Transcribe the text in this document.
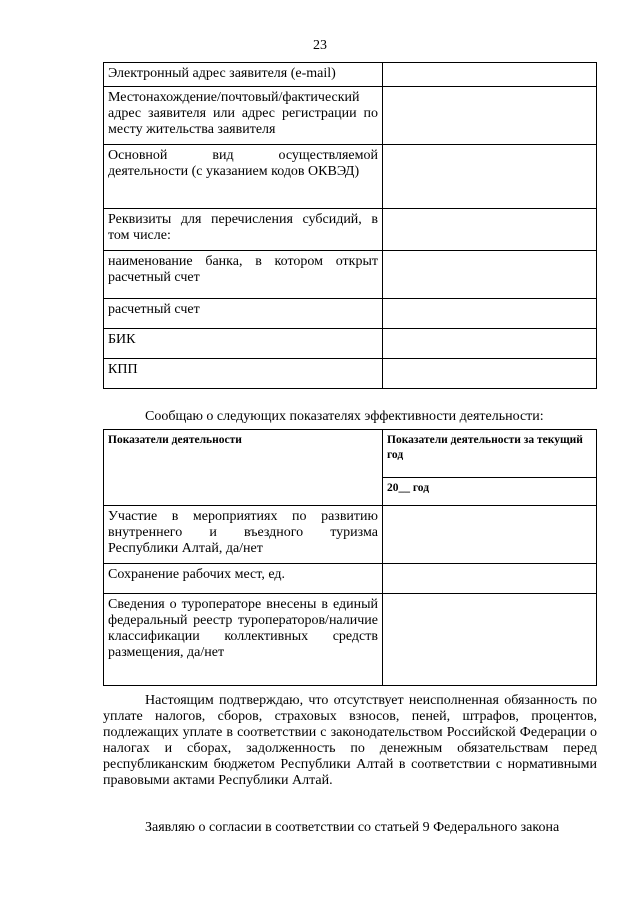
23
Электронный адрес заявителя (e-mail)	
Местонахождение/почтовый/фактический адрес заявителя или адрес регистрации по месту жительства заявителя	
Основной вид осуществляемой деятельности (с указанием кодов ОКВЭД)	
Реквизиты для перечисления субсидий, в том числе:	
наименование банка, в котором открыт расчетный счет	
расчетный счет	
БИК	
КПП	
Сообщаю о следующих показателях эффективности деятельности:
Показатели деятельности	Показатели деятельности за текущий год
	20__ год
Участие в мероприятиях по развитию внутреннего и въездного туризма Республики Алтай, да/нет	
Сохранение рабочих мест, ед.	
Сведения о туроператоре внесены в единый федеральный реестр туроператоров/наличие классификации коллективных средств размещения, да/нет	

Настоящим подтверждаю, что отсутствует неисполненная обязанность по уплате налогов, сборов, страховых взносов, пеней, штрафов, процентов, подлежащих уплате в соответствии с законодательством Российской Федерации о налогах и сборах, задолженность по денежным обязательствам перед республиканским бюджетом Республики Алтай в соответствии с нормативными правовыми актами Республики Алтай.

Заявляю о согласии в соответствии со статьей 9 Федерального закона
